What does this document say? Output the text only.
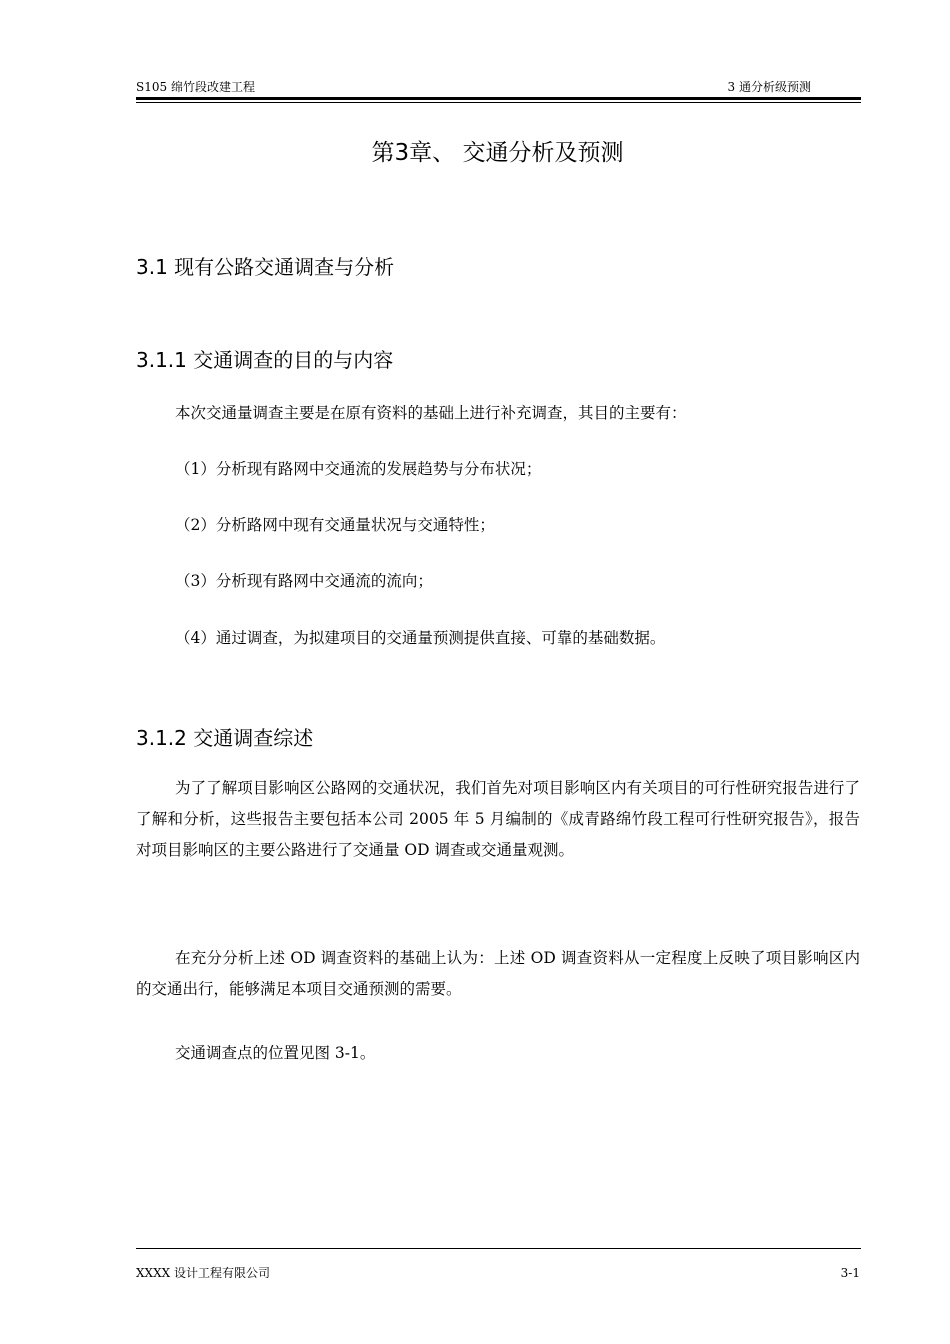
S105 绵竹段改建工程	3 通分析级预测
第3章、 交通分析及预测
3.1 现有公路交通调查与分析
3.1.1 交通调查的目的与内容
本次交通量调查主要是在原有资料的基础上进行补充调查，其目的主要有：
（1）分析现有路网中交通流的发展趋势与分布状况；
（2）分析路网中现有交通量状况与交通特性；
（3）分析现有路网中交通流的流向；
（4）通过调查，为拟建项目的交通量预测提供直接、可靠的基础数据。
3.1.2 交通调查综述
为了了解项目影响区公路网的交通状况，我们首先对项目影响区内有关项目的可行性研究报告进行了了解和分析，这些报告主要包括本公司 2005 年 5 月编制的《成青路绵竹段工程可行性研究报告》，报告对项目影响区的主要公路进行了交通量 OD 调查或交通量观测。
在充分分析上述 OD 调查资料的基础上认为：上述 OD 调查资料从一定程度上反映了项目影响区内的交通出行，能够满足本项目交通预测的需要。
交通调查点的位置见图 3-1。
XXXX 设计工程有限公司	3-1
